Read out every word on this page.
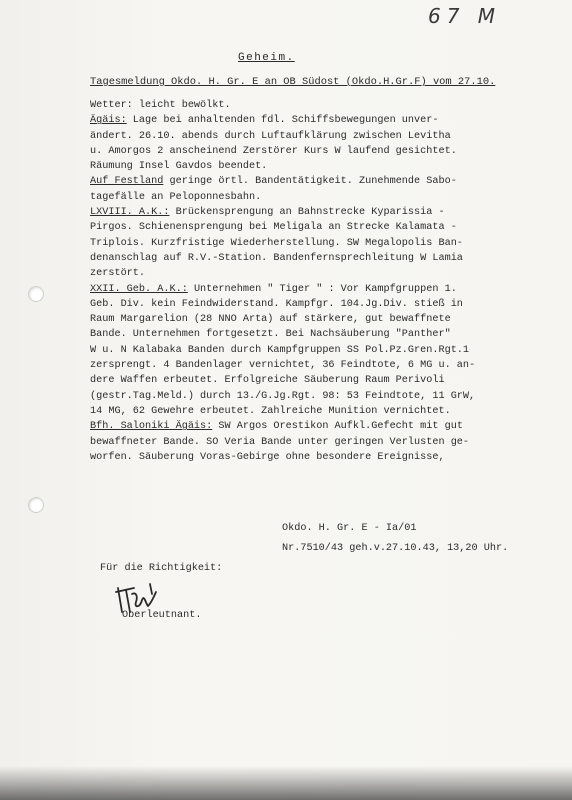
67 М
Geheim.
Tagesmeldung Okdo. H. Gr. E an OB Südost (Okdo.H.Gr.F) vom 27.10.
Wetter: leicht bewölkt.
Ägäis: Lage bei anhaltenden fdl. Schiffsbewegungen unver-
ändert. 26.10. abends durch Luftaufklärung zwischen Levitha
u. Amorgos 2 anscheinend Zerstörer Kurs W laufend gesichtet.
Räumung Insel Gavdos beendet.
Auf Festland geringe örtl. Bandentätigkeit. Zunehmende Sabo-
tagefälle an Peloponnesbahn.
LXVIII. A.K.: Brückensprengung an Bahnstrecke Kyparissia -
Pirgos. Schienensprengung bei Meligala an Strecke Kalamata -
Triplois. Kurzfristige Wiederherstellung. SW Megalopolis Ban-
denanschlag auf R.V.-Station. Bandenfernsprechleitung W Lamia
zerstört.
XXII. Geb. A.K.: Unternehmen " Tiger " : Vor Kampfgruppen 1.
Geb. Div. kein Feindwiderstand. Kampfgr. 104.Jg.Div. stieß in
Raum Margarelion (28 NNO Arta) auf stärkere, gut bewaffnete
Bande. Unternehmen fortgesetzt. Bei Nachsäuberung "Panther"
W u. N Kalabaka Banden durch Kampfgruppen SS Pol.Pz.Gren.Rgt.1
zersprengt. 4 Bandenlager vernichtet, 36 Feindtote, 6 MG u. an-
dere Waffen erbeutet. Erfolgreiche Säuberung Raum Perivoli
(gestr.Tag.Meld.) durch 13./G.Jg.Rgt. 98: 53 Feindtote, 11 GrW,
14 MG, 62 Gewehre erbeutet. Zahlreiche Munition vernichtet.
Bfh. Saloniki Ägäis: SW Argos Orestikon Aufkl.Gefecht mit gut
bewaffneter Bande. SO Veria Bande unter geringen Verlusten ge-
worfen. Säuberung Voras-Gebirge ohne besondere Ereignisse,
Okdo. H. Gr. E - Ia/01
Nr.7510/43 geh.v.27.10.43, 13,20 Uhr.
Für die Richtigkeit:
Oberleutnant.
